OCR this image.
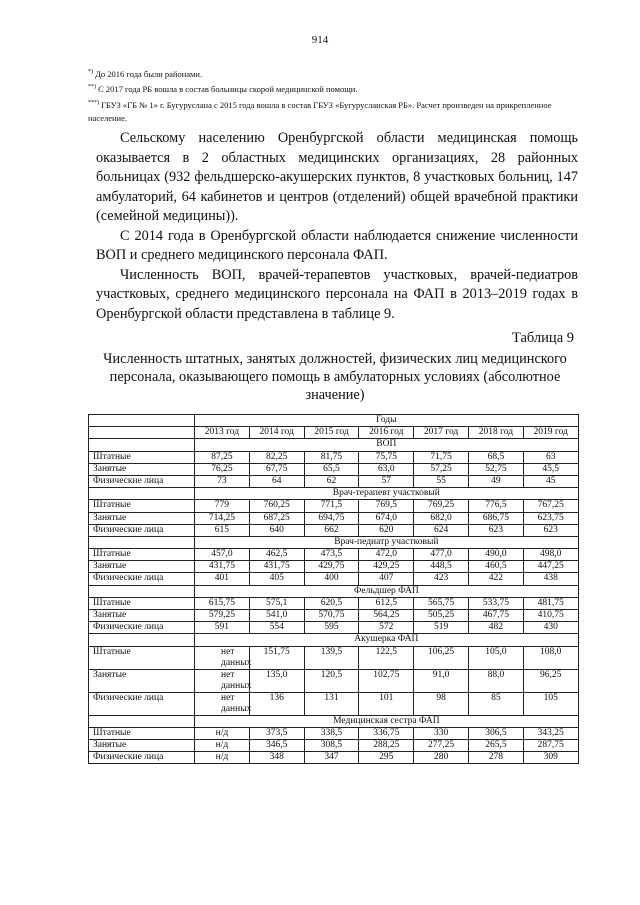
914

*) До 2016 года были районами.

**) С 2017 года РБ вошла в состав больницы скорой медицинской помощи.

***) ГБУЗ «ГБ № 1» г. Бугуруслана с 2015 года вошла в состав ГБУЗ «Бугурусланская РБ». Расчет произведен на прикрепленное население.

Сельскому населению Оренбургской области медицинская помощь оказывается в 2 областных медицинских организациях, 28 районных больницах (932 фельдшерско-акушерских пунктов, 8 участковых больниц, 147 амбулаторий, 64 кабинетов и центров (отделений) общей врачебной практики (семейной медицины)).

С 2014 года в Оренбургской области наблюдается снижение численности ВОП и среднего медицинского персонала ФАП.

Численность ВОП, врачей-терапевтов участковых, врачей-педиатров участковых, среднего медицинского персонала на ФАП в 2013–2019 годах в Оренбургской области представлена в таблице 9.

Таблица 9
Численность штатных, занятых должностей, физических лиц медицинского персонала, оказывающего помощь в амбулаторных условиях (абсолютное значение)
	Годы						
	2013 год	2014 год	2015 год	2016 год	2017 год	2018 год	2019 год
	ВОП						
Штатные	87,25	82,25	81,75	75,75	71,75	68,5	63
Занятые	76,25	67,75	65,5	63,0	57,25	52,75	45,5
Физические лица	73	64	62	57	55	49	45
	Врач-терапевт участковый						
Штатные	779	760,25	771,5	769,5	769,25	776,5	767,25
Занятые	714,25	687,25	694,75	674,0	682,0	686,75	623,75
Физические лица	615	640	662	620	624	623	623
	Врач-педиатр участковый						
Штатные	457,0	462,5	473,5	472,0	477,0	490,0	498,0
Занятые	431,75	431,75	429,75	429,25	448,5	460,5	447,25
Физические лица	401	405	400	407	423	422	438
	Фельдшер ФАП						
Штатные	615,75	575,1	620,5	612,5	565,75	533,75	481,75
Занятые	579,25	541,0	570,75	564,25	505,25	467,75	410,75
Физические лица	591	554	595	572	519	482	430
	Акушерка ФАП						
Штатные	нет данных	151,75	139,5	122,5	106,25	105,0	108,0
Занятые	нет данных	135,0	120,5	102,75	91,0	88,0	96,25
Физические лица	нет данных	136	131	101	98	85	105
	Медицинская сестра ФАП						
Штатные	н/д	373,5	338,5	336,75	330	306,5	343,25
Занятые	н/д	346,5	308,5	288,25	277,25	265,5	287,75
Физические лица	н/д	348	347	295	280	278	309
